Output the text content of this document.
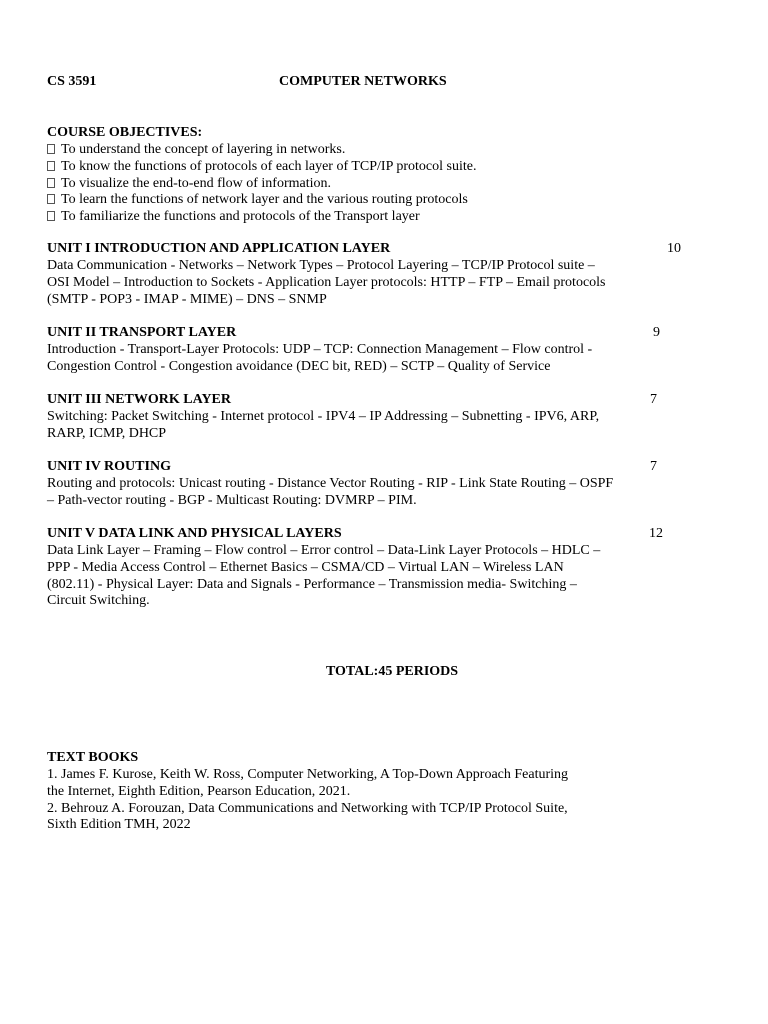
CS 3591	COMPUTER NETWORKS
COURSE OBJECTIVES:
To understand the concept of layering in networks.
To know the functions of protocols of each layer of TCP/IP protocol suite.
To visualize the end-to-end flow of information.
To learn the functions of network layer and the various routing protocols
To familiarize the functions and protocols of the Transport layer
UNIT I INTRODUCTION AND APPLICATION LAYER	10
Data Communication - Networks – Network Types – Protocol Layering – TCP/IP Protocol suite –
OSI Model – Introduction to Sockets - Application Layer protocols: HTTP – FTP – Email protocols
(SMTP - POP3 - IMAP - MIME) – DNS – SNMP
UNIT II TRANSPORT LAYER	9
Introduction - Transport-Layer Protocols: UDP – TCP: Connection Management – Flow control -
Congestion Control - Congestion avoidance (DEC bit, RED) – SCTP – Quality of Service
UNIT III NETWORK LAYER	7
Switching: Packet Switching - Internet protocol - IPV4 – IP Addressing – Subnetting - IPV6, ARP,
RARP, ICMP, DHCP
UNIT IV ROUTING	7
Routing and protocols: Unicast routing - Distance Vector Routing - RIP - Link State Routing – OSPF
– Path-vector routing - BGP - Multicast Routing: DVMRP – PIM.
UNIT V DATA LINK AND PHYSICAL LAYERS	12
Data Link Layer – Framing – Flow control – Error control – Data-Link Layer Protocols – HDLC –
PPP - Media Access Control – Ethernet Basics – CSMA/CD – Virtual LAN – Wireless LAN
(802.11) - Physical Layer: Data and Signals - Performance – Transmission media- Switching –
Circuit Switching.
TOTAL:45 PERIODS
TEXT BOOKS
1. James F. Kurose, Keith W. Ross, Computer Networking, A Top-Down Approach Featuring
the Internet, Eighth Edition, Pearson Education, 2021.
2. Behrouz A. Forouzan, Data Communications and Networking with TCP/IP Protocol Suite,
Sixth Edition TMH, 2022
